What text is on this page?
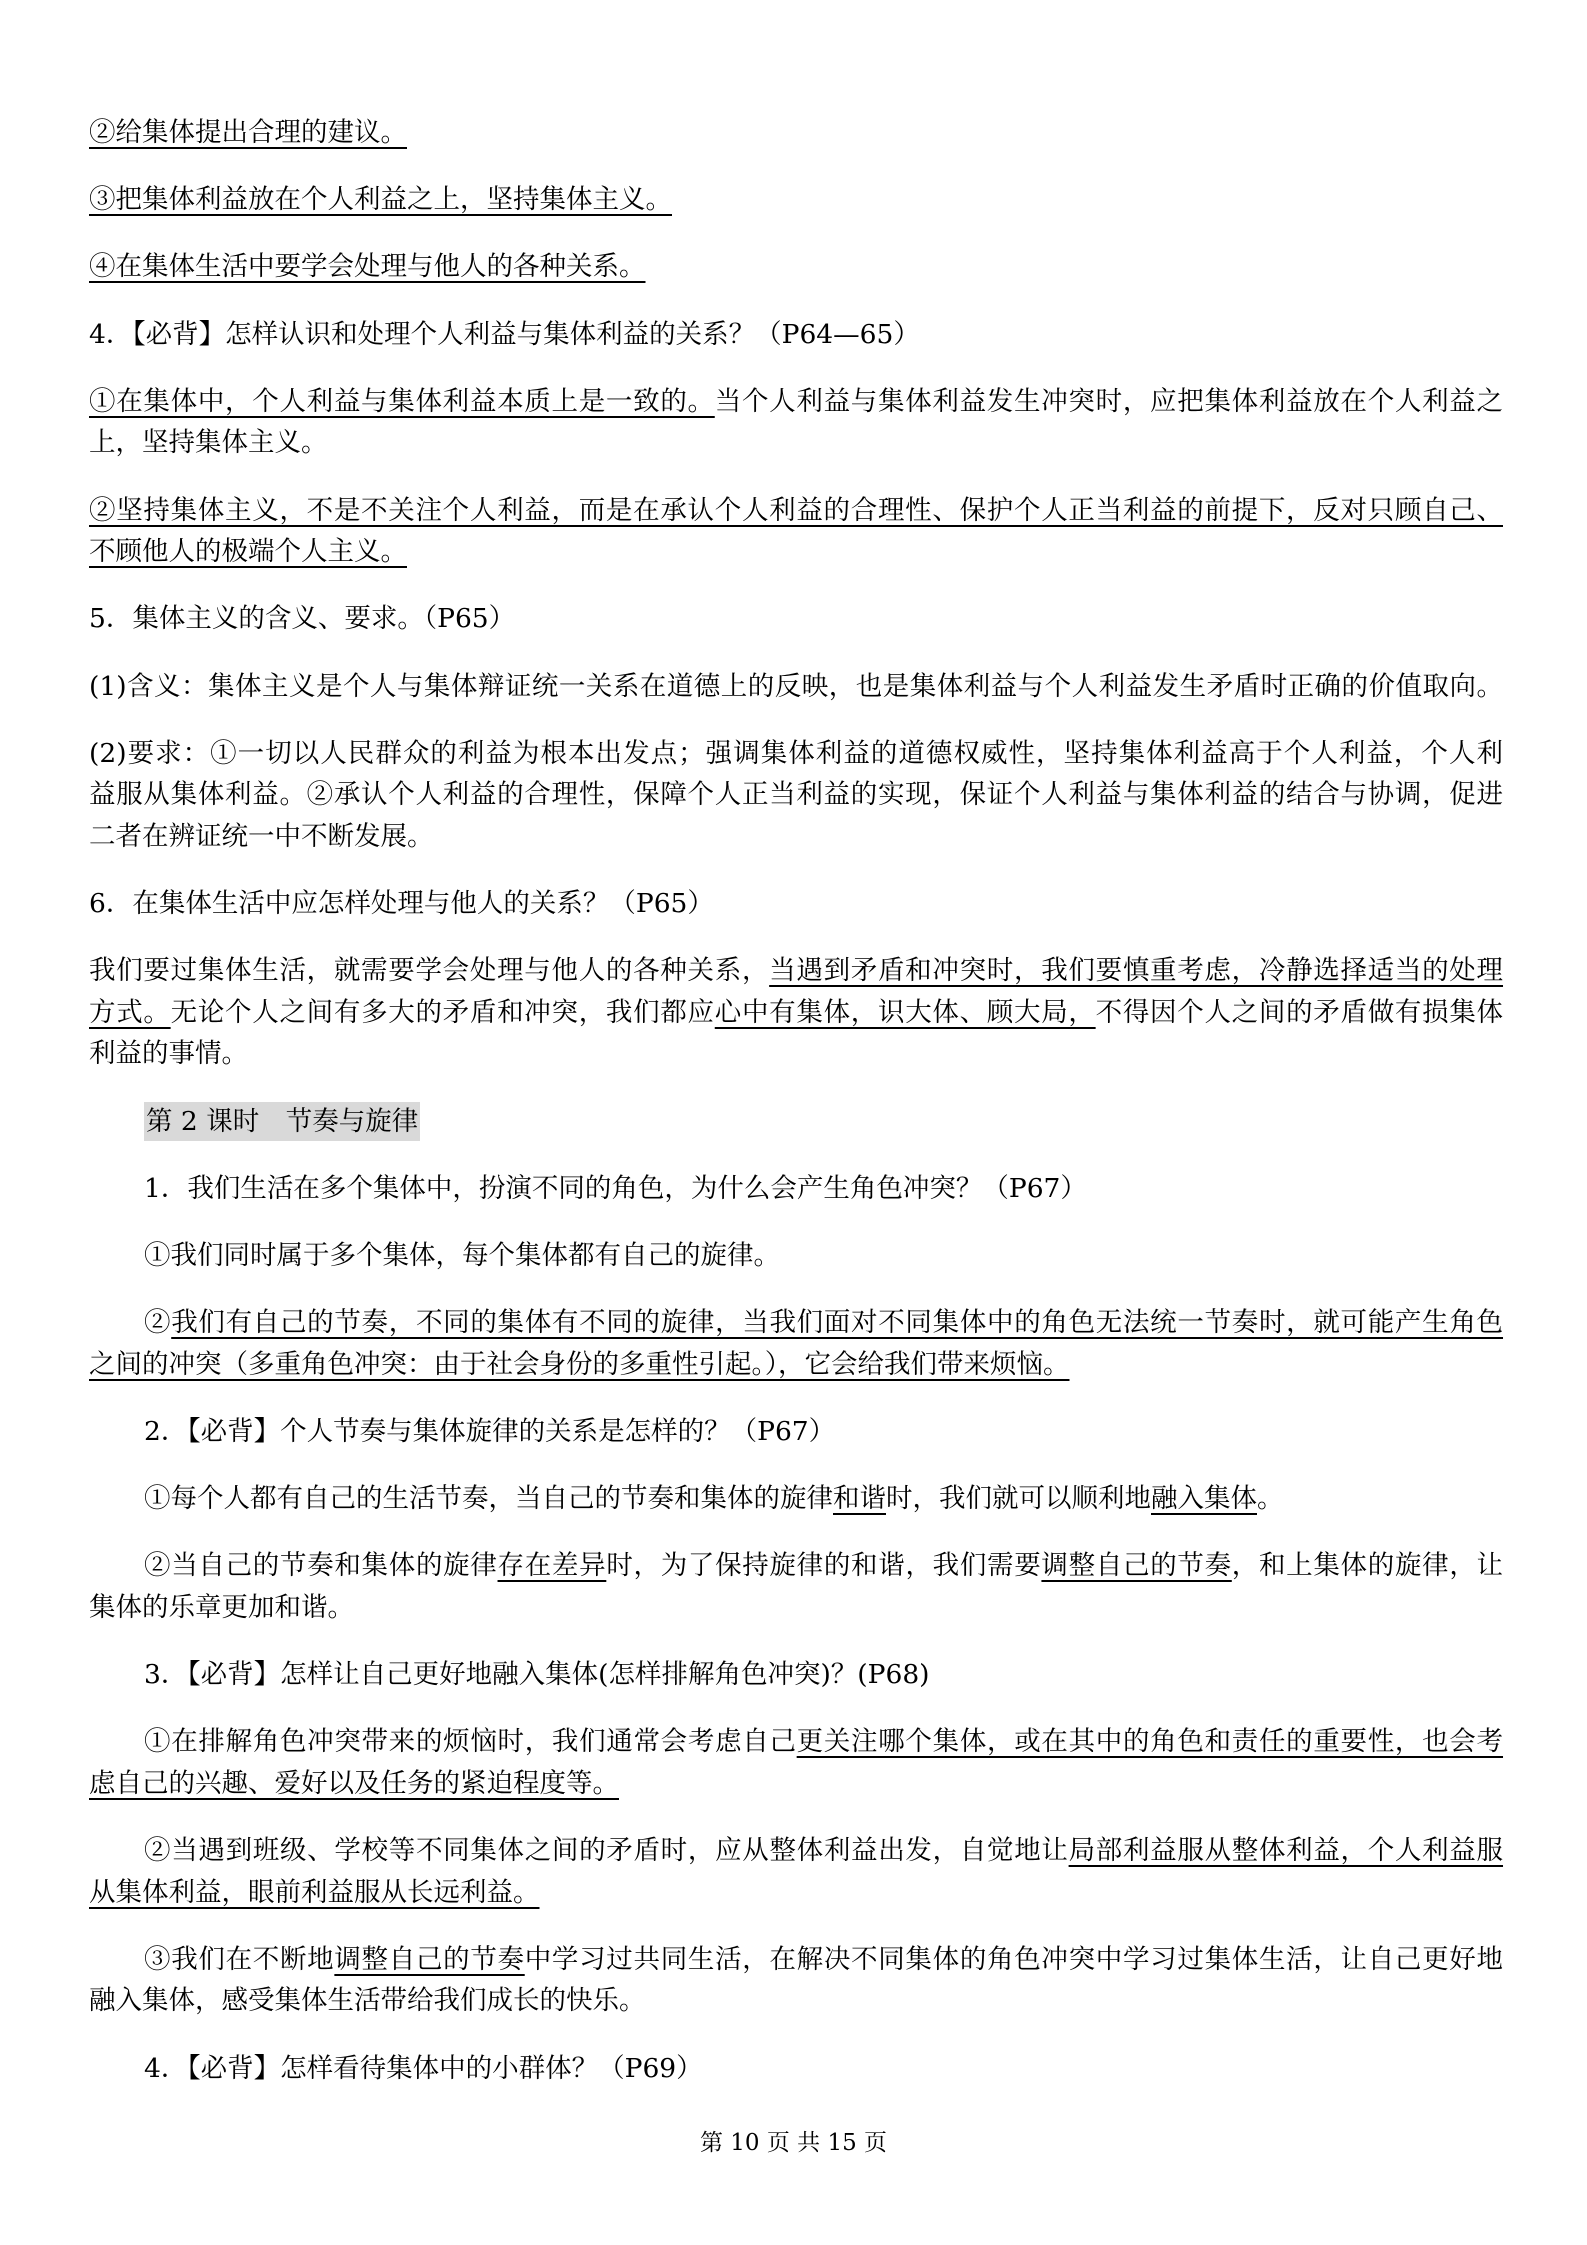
②给集体提出合理的建议。
③把集体利益放在个人利益之上，坚持集体主义。
④在集体生活中要学会处理与他人的各种关系。
4．【必背】怎样认识和处理个人利益与集体利益的关系？（P64—65）
①在集体中，个人利益与集体利益本质上是一致的。当个人利益与集体利益发生冲突时，应把集体利益放在个人利益之
上，坚持集体主义。
②坚持集体主义，不是不关注个人利益，而是在承认个人利益的合理性、保护个人正当利益的前提下，反对只顾自己、
不顾他人的极端个人主义。
5．集体主义的含义、要求。（P65）
(1)含义：集体主义是个人与集体辩证统一关系在道德上的反映，也是集体利益与个人利益发生矛盾时正确的价值取向。
(2)要求：①一切以人民群众的利益为根本出发点；强调集体利益的道德权威性，坚持集体利益高于个人利益，个人利
益服从集体利益。②承认个人利益的合理性，保障个人正当利益的实现，保证个人利益与集体利益的结合与协调，促进
二者在辨证统一中不断发展。
6．在集体生活中应怎样处理与他人的关系？（P65）
我们要过集体生活，就需要学会处理与他人的各种关系，当遇到矛盾和冲突时，我们要慎重考虑，冷静选择适当的处理
方式。无论个人之间有多大的矛盾和冲突，我们都应心中有集体，识大体、顾大局，不得因个人之间的矛盾做有损集体
利益的事情。
第 2 课时　节奏与旋律
1．我们生活在多个集体中，扮演不同的角色，为什么会产生角色冲突？（P67）
①我们同时属于多个集体，每个集体都有自己的旋律。
②我们有自己的节奏，不同的集体有不同的旋律，当我们面对不同集体中的角色无法统一节奏时，就可能产生角色
之间的冲突（多重角色冲突：由于社会身份的多重性引起。），它会给我们带来烦恼。
2．【必背】个人节奏与集体旋律的关系是怎样的？（P67）
①每个人都有自己的生活节奏，当自己的节奏和集体的旋律和谐时，我们就可以顺利地融入集体。
②当自己的节奏和集体的旋律存在差异时，为了保持旋律的和谐，我们需要调整自己的节奏，和上集体的旋律，让
集体的乐章更加和谐。
3．【必背】怎样让自己更好地融入集体(怎样排解角色冲突)？(P68)
①在排解角色冲突带来的烦恼时，我们通常会考虑自己更关注哪个集体，或在其中的角色和责任的重要性，也会考
虑自己的兴趣、爱好以及任务的紧迫程度等。
②当遇到班级、学校等不同集体之间的矛盾时，应从整体利益出发，自觉地让局部利益服从整体利益，个人利益服
从集体利益，眼前利益服从长远利益。
③我们在不断地调整自己的节奏中学习过共同生活，在解决不同集体的角色冲突中学习过集体生活，让自己更好地
融入集体，感受集体生活带给我们成长的快乐。
4．【必背】怎样看待集体中的小群体？（P69）
第 10 页 共 15 页
